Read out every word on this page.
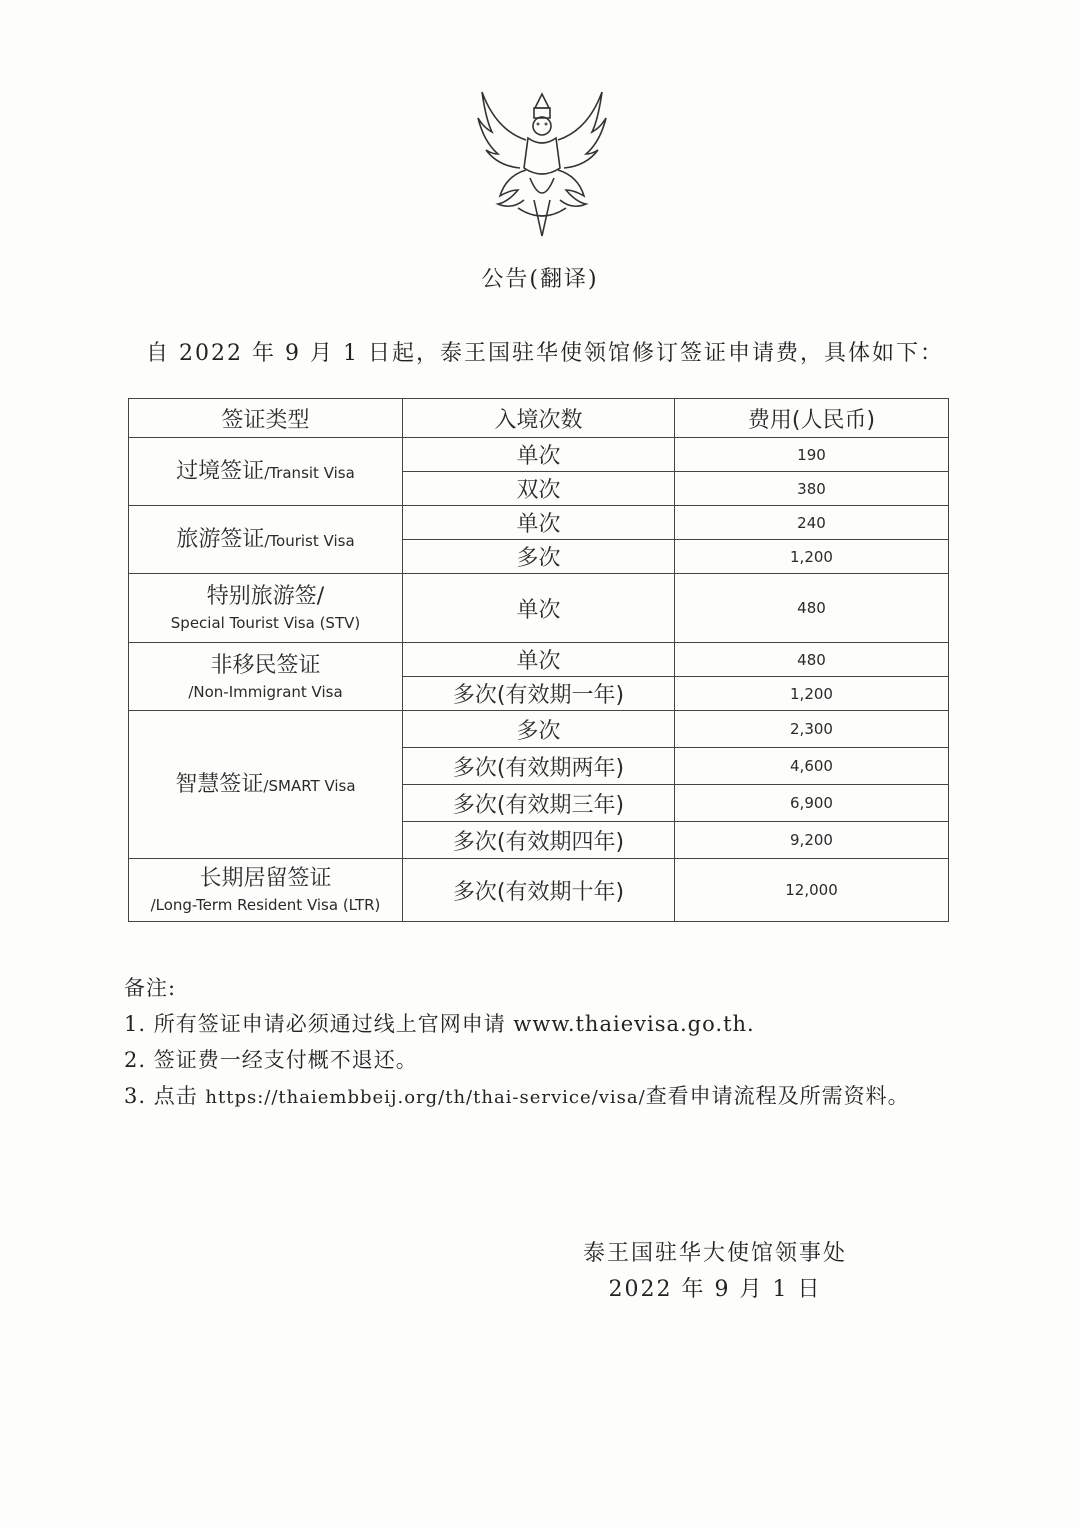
公告(翻译)
自 2022 年 9 月 1 日起，泰王国驻华使领馆修订签证申请费，具体如下：
签证类型	入境次数	费用(人民币)
过境签证/Transit Visa	单次	190
	双次	380
旅游签证/Tourist Visa	单次	240
	多次	1,200

特别旅游签/
Special Tourist Visa (STV)	单次	480

非移民签证
/Non-Immigrant Visa	单次	480
	多次(有效期一年)	1,200
智慧签证/SMART Visa	多次	2,300
	多次(有效期两年)	4,600
	多次(有效期三年)	6,900
	多次(有效期四年)	9,200

长期居留签证
/Long-Term Resident Visa (LTR)	多次(有效期十年)	12,000
备注:
1. 所有签证申请必须通过线上官网申请 www.thaievisa.go.th.
2. 签证费一经支付概不退还。
3. 点击 https://thaiembbeij.org/th/thai-service/visa/查看申请流程及所需资料。
泰王国驻华大使馆领事处
2022 年 9 月 1 日
